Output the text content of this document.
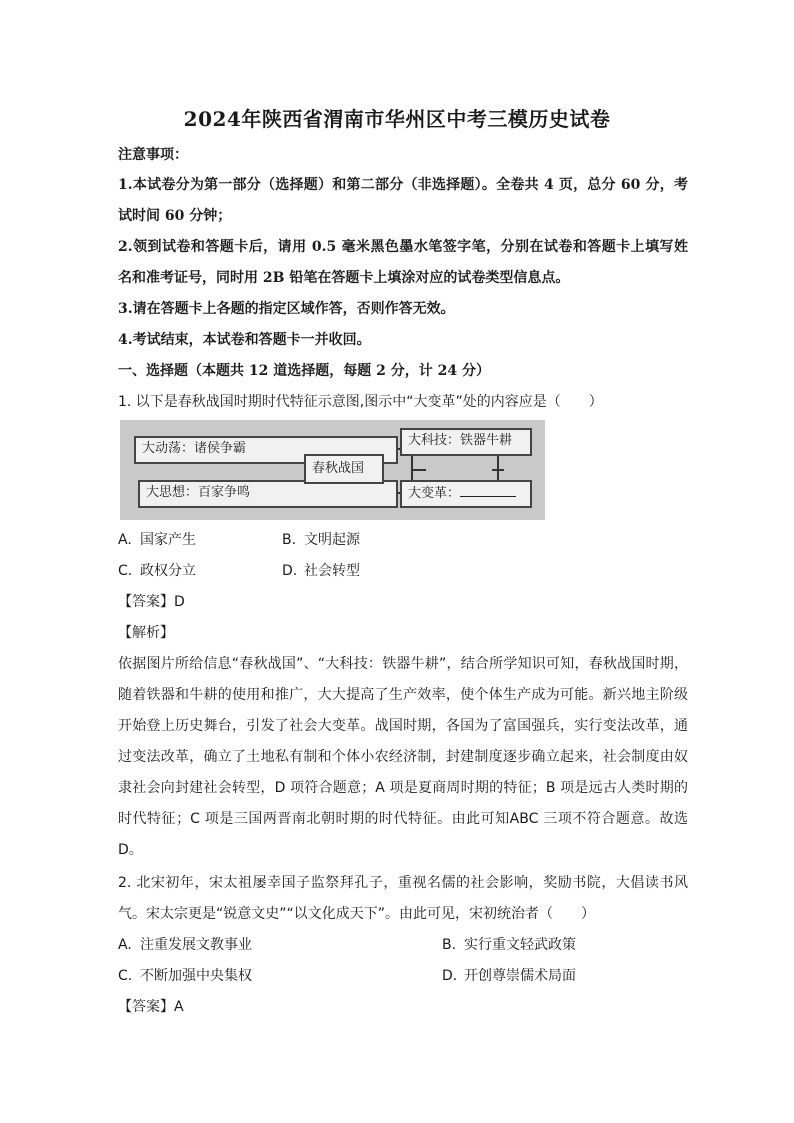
2024年陕西省渭南市华州区中考三模历史试卷
注意事项：
1.本试卷分为第一部分（选择题）和第二部分（非选择题）。全卷共 4 页，总分 60 分，考
试时间 60 分钟；
2.领到试卷和答题卡后，请用 0.5 毫米黑色墨水笔签字笔，分别在试卷和答题卡上填写姓
名和准考证号，同时用 2B 铅笔在答题卡上填涂对应的试卷类型信息点。
3.请在答题卡上各题的指定区域作答，否则作答无效。
4.考试结束，本试卷和答题卡一并收回。
一、选择题（本题共 12 道选择题，每题 2 分，计 24 分）
1. 以下是春秋战国时期时代特征示意图,图示中“大变革”处的内容应是（　　）
大动荡：诸侯争霸
大思想：百家争鸣
春秋战国
大科技：铁器牛耕
大变革：
A. 国家产生	B. 文明起源
C. 政权分立	D. 社会转型
【答案】D
【解析】
依据图片所给信息“春秋战国”、“大科技：铁器牛耕”，结合所学知识可知，春秋战国时期，
随着铁器和牛耕的使用和推广，大大提高了生产效率，使个体生产成为可能。新兴地主阶级
开始登上历史舞台，引发了社会大变革。战国时期，各国为了富国强兵，实行变法改革，通
过变法改革，确立了土地私有制和个体小农经济制，封建制度逐步确立起来，社会制度由奴
隶社会向封建社会转型，D 项符合题意；A 项是夏商周时期的特征；B 项是远古人类时期的
时代特征；C 项是三国两晋南北朝时期的时代特征。由此可知ABC 三项不符合题意。故选
D。
2. 北宋初年，宋太祖屡幸国子监祭拜孔子，重视名儒的社会影响，奖励书院，大倡读书风
气。宋太宗更是“锐意文史”“以文化成天下”。由此可见，宋初统治者（　　）
A. 注重发展文教事业	B. 实行重文轻武政策
C. 不断加强中央集权	D. 开创尊崇儒术局面
【答案】A
